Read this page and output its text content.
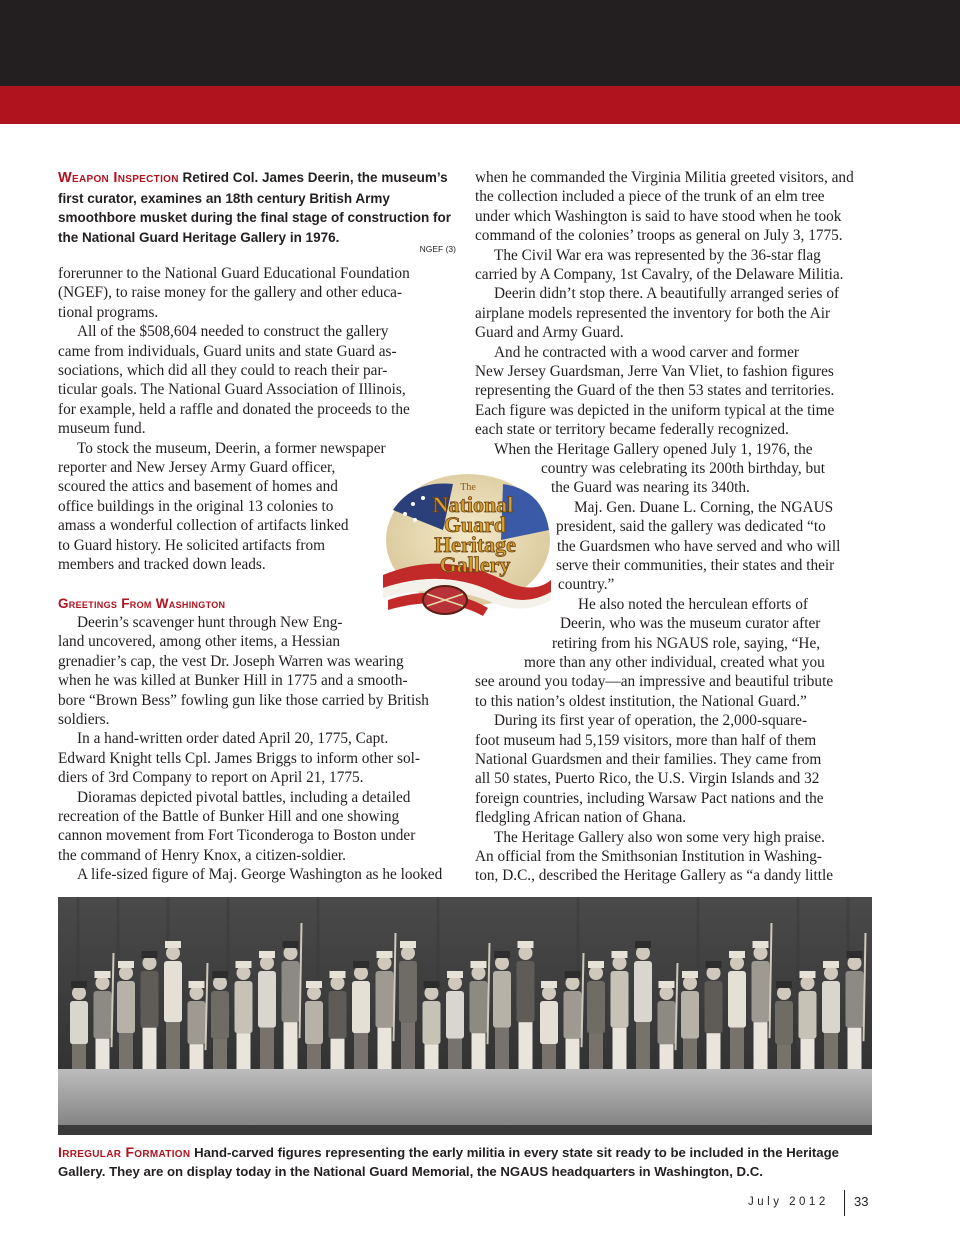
Weapon Inspection Retired Col. James Deerin, the museum’s first curator, examines an 18th century British Army smoothbore musket during the final stage of construction for the National Guard Heritage Gallery in 1976.
NGEF (3)
forerunner to the National Guard Educational Foundation
(NGEF), to raise money for the gallery and other educa-
tional programs.
All of the $508,604 needed to construct the gallery
came from individuals, Guard units and state Guard as-
sociations, which did all they could to reach their par-
ticular goals. The National Guard Association of Illinois,
for example, held a raffle and donated the proceeds to the
museum fund.
To stock the museum, Deerin, a former newspaper
reporter and New Jersey Army Guard officer,
scoured the attics and basement of homes and
office buildings in the original 13 colonies to
amass a wonderful collection of artifacts linked
to Guard history. He solicited artifacts from
members and tracked down leads.
Greetings From Washington
Deerin’s scavenger hunt through New Eng-
land uncovered, among other items, a Hessian
grenadier’s cap, the vest Dr. Joseph Warren was wearing
when he was killed at Bunker Hill in 1775 and a smooth-
bore “Brown Bess” fowling gun like those carried by British
soldiers.
In a hand-written order dated April 20, 1775, Capt.
Edward Knight tells Cpl. James Briggs to inform other sol-
diers of 3rd Company to report on April 21, 1775.
Dioramas depicted pivotal battles, including a detailed
recreation of the Battle of Bunker Hill and one showing
cannon movement from Fort Ticonderoga to Boston under
the command of Henry Knox, a citizen-soldier.
A life-sized figure of Maj. George Washington as he looked
when he commanded the Virginia Militia greeted visitors, and
the collection included a piece of the trunk of an elm tree
under which Washington is said to have stood when he took
command of the colonies’ troops as general on July 3, 1775.
The Civil War era was represented by the 36-star flag
carried by A Company, 1st Cavalry, of the Delaware Militia.
Deerin didn’t stop there. A beautifully arranged series of
airplane models represented the inventory for both the Air
Guard and Army Guard.
And he contracted with a wood carver and former
New Jersey Guardsman, Jerre Van Vliet, to fashion figures
representing the Guard of the then 53 states and territories.
Each figure was depicted in the uniform typical at the time
each state or territory became federally recognized.
When the Heritage Gallery opened July 1, 1976, the
country was celebrating its 200th birthday, but
the Guard was nearing its 340th.
Maj. Gen. Duane L. Corning, the NGAUS
president, said the gallery was dedicated “to
the Guardsmen who have served and who will
serve their communities, their states and their
country.”
He also noted the herculean efforts of
Deerin, who was the museum curator after
retiring from his NGAUS role, saying, “He,
more than any other individual, created what you
see around you today—an impressive and beautiful tribute
to this nation’s oldest institution, the National Guard.”
During its first year of operation, the 2,000-square-
foot museum had 5,159 visitors, more than half of them
National Guardsmen and their families. They came from
all 50 states, Puerto Rico, the U.S. Virgin Islands and 32
foreign countries, including Warsaw Pact nations and the
fledgling African nation of Ghana.
The Heritage Gallery also won some very high praise.
An official from the Smithsonian Institution in Washing-
ton, D.C., described the Heritage Gallery as “a dandy little
The
National
Guard
Heritage
Gallery
Irregular Formation Hand-carved figures representing the early militia in every state sit ready to be included in the Heritage Gallery. They are on display today in the National Guard Memorial, the NGAUS headquarters in Washington, D.C.
July 2012 33
